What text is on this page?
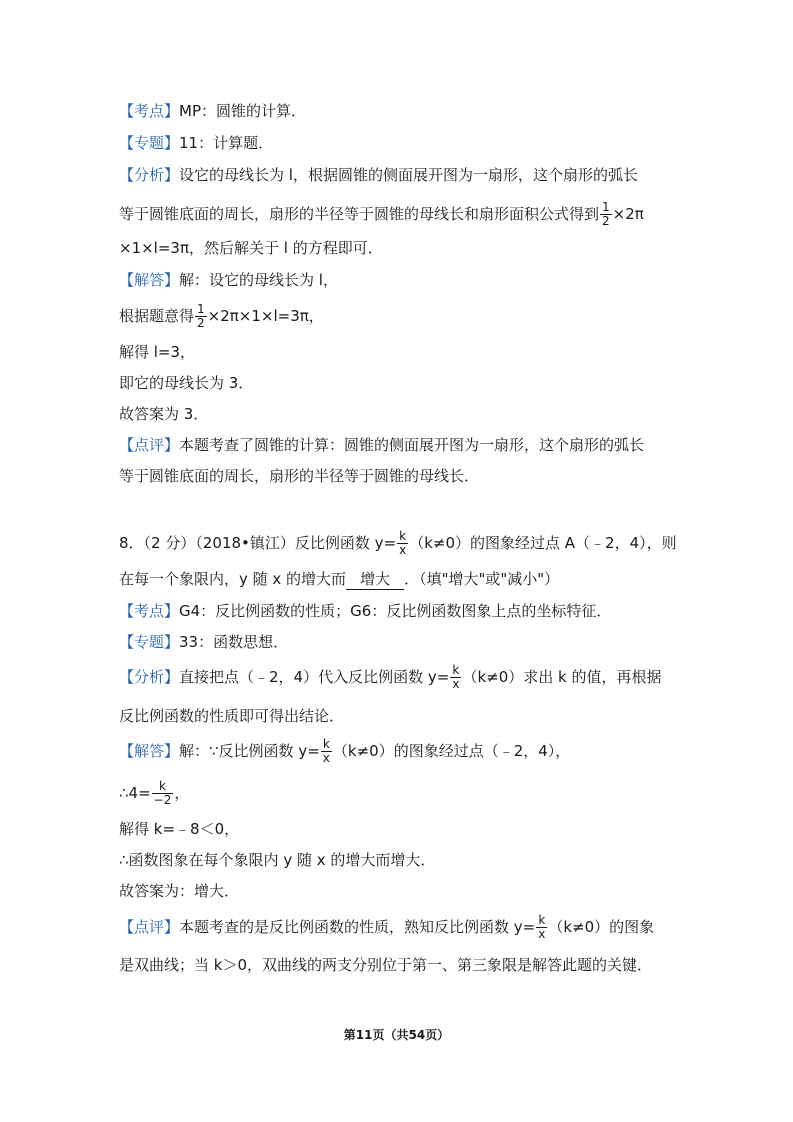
【考点】MP：圆锥的计算．
【专题】11：计算题．
【分析】设它的母线长为 l，根据圆锥的侧面展开图为一扇形，这个扇形的弧长
等于圆锥底面的周长，扇形的半径等于圆锥的母线长和扇形面积公式得到 $\frac{1}{2} \times 2\pi$
×1×l=3π，然后解关于 l 的方程即可．
【解答】解：设它的母线长为 l，
根据题意得 $\frac{1}{2} \times 2\pi\times 1\times l=3\pi$，
解得 l=3，
即它的母线长为 3．
故答案为 3．
【点评】本题考查了圆锥的计算：圆锥的侧面展开图为一扇形，这个扇形的弧长
等于圆锥底面的周长，扇形的半径等于圆锥的母线长．
8．（2 分）（2018•镇江）反比例函数 $y= \frac{k}{x} (k\ne 0)$的图象经过点 A（﹣2，4），则
在每一个象限内，y 随 x 的增大而 增大 ．（填"增大"或"减小"）
【考点】G4：反比例函数的性质；G6：反比例函数图象上点的坐标特征．
【专题】33：函数思想．
【分析】直接把点（﹣2，4）代入反比例函数 $y= \frac{k}{x} (k\ne 0)$求出 k 的值，再根据
反比例函数的性质即可得出结论．
【解答】解：∵反比例函数 $y= \frac{k}{x} (k\ne 0)$的图象经过点（﹣2，4），
∴4= $\frac{k}{-2}$ ，
解得 k=﹣8＜0，
∴函数图象在每个象限内 y 随 x 的增大而增大．
故答案为：增大．
【点评】本题考查的是反比例函数的性质，熟知反比例函数 $y= \frac{k}{x} (k\ne 0)$的图象
是双曲线；当 k＞0，双曲线的两支分别位于第一、第三象限是解答此题的关键．
第11页（共54页）
